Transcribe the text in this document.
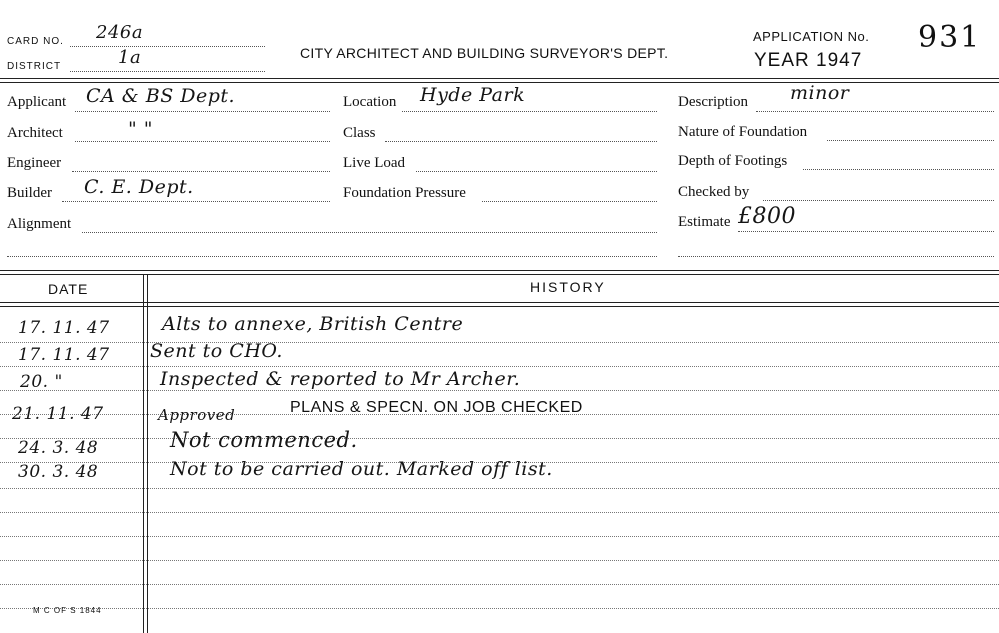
CARD NO. 246a
DISTRICT	1a	CITY ARCHITECT AND BUILDING SURVEYOR'S DEPT.
APPLICATION No. 931
YEAR 1947
Applicant CA & BS Dept.
Architect	" "
Engineer
Builder C. E. Dept.
Alignment
Location Hyde Park
Class
Live Load
Foundation Pressure
Description minor
Nature of Foundation
Depth of Footings
Checked by
Estimate £800
DATE	HISTORY
17. 11. 47	Alts to annexe, British Centre
17. 11. 47 Sent to CHO.
20. "	Inspected & reported to Mr Archer.
21. 11. 47	Approved	PLANS & SPECN. ON JOB CHECKED
24. 3. 48	Not commenced.
30. 3. 48	Not to be carried out. Marked off list.
M C OF S 1844
